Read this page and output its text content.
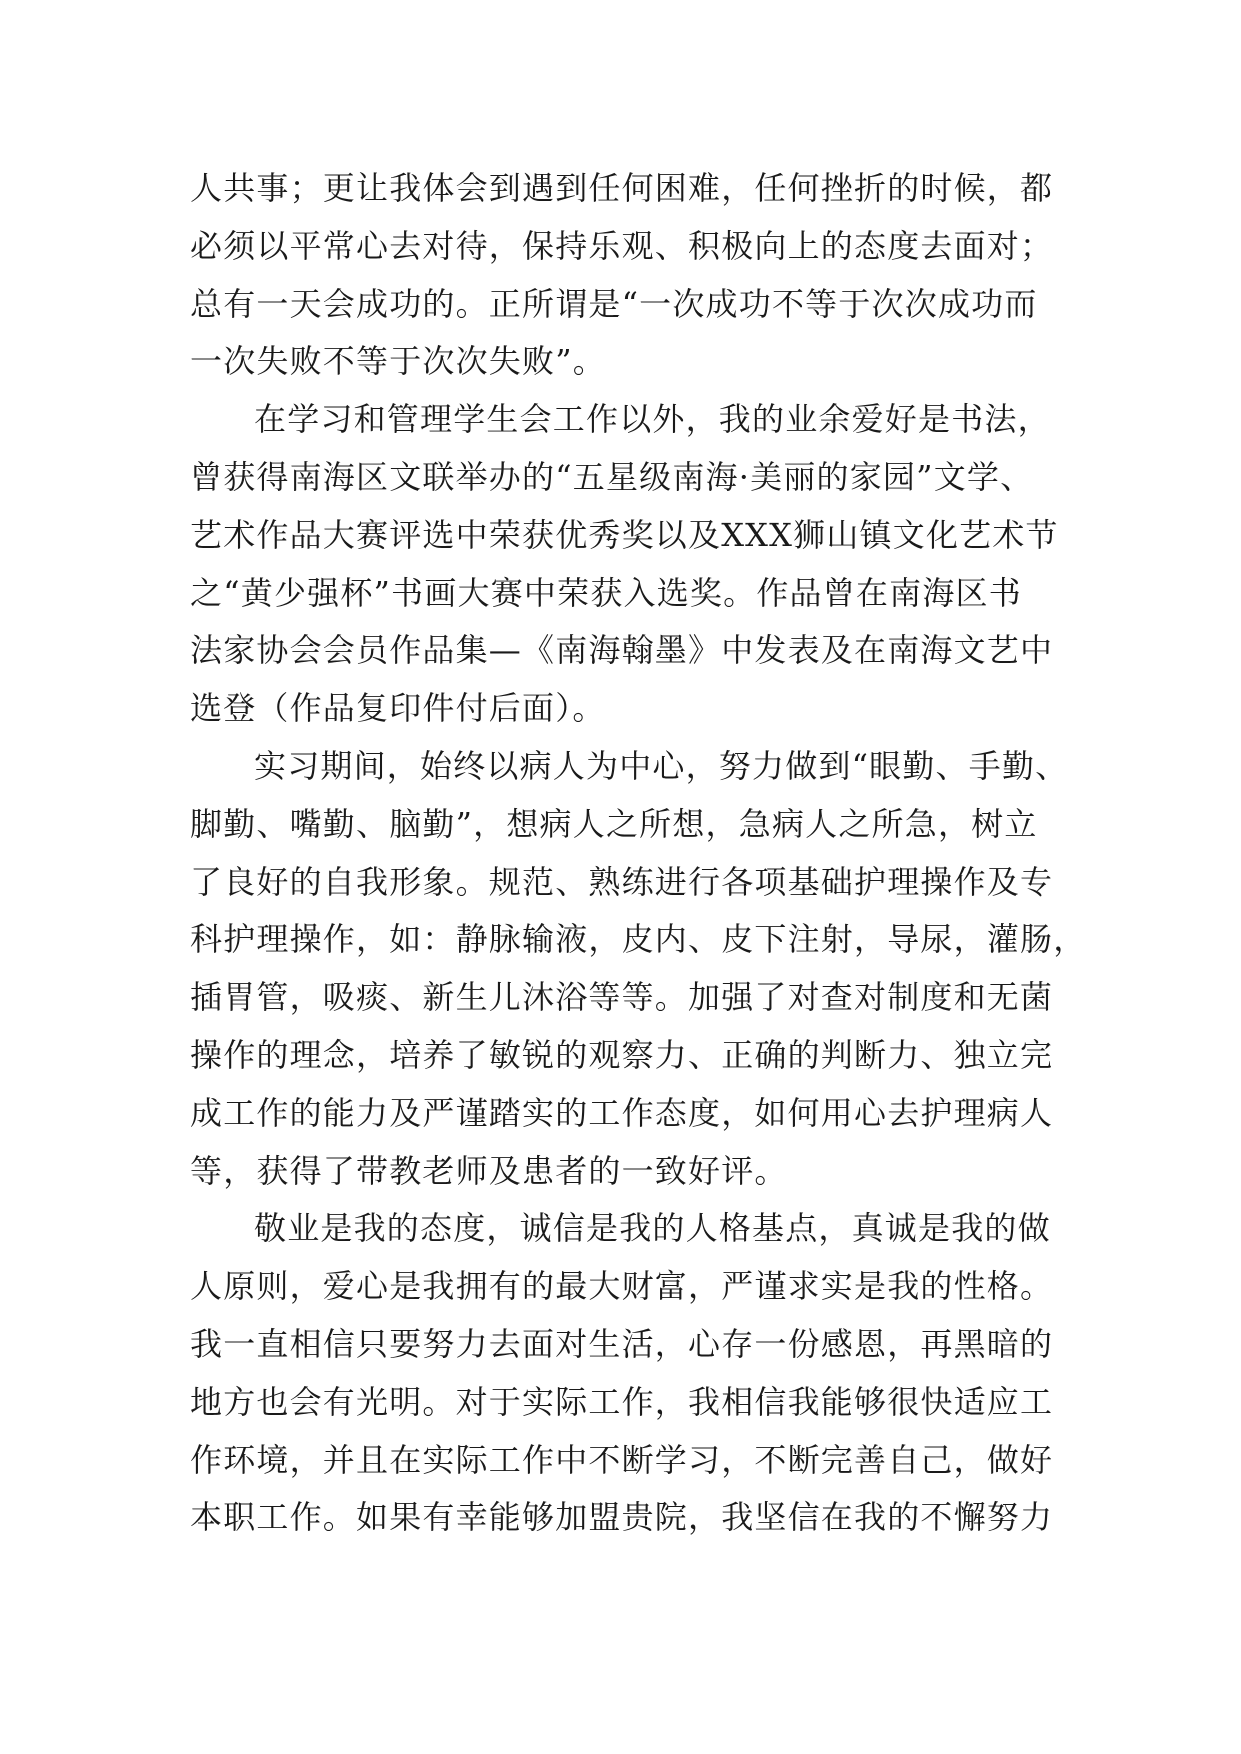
人共事；更让我体会到遇到任何困难，任何挫折的时候，都
必须以平常心去对待，保持乐观、积极向上的态度去面对；
总有一天会成功的。正所谓是“一次成功不等于次次成功而
一次失败不等于次次失败”。
在学习和管理学生会工作以外，我的业余爱好是书法，
曾获得南海区文联举办的“五星级南海·美丽的家园”文学、
艺术作品大赛评选中荣获优秀奖以及XXX狮山镇文化艺术节
之“黄少强杯”书画大赛中荣获入选奖。作品曾在南海区书
法家协会会员作品集—《南海翰墨》中发表及在南海文艺中
选登（作品复印件付后面）。
实习期间，始终以病人为中心，努力做到“眼勤、手勤、
脚勤、嘴勤、脑勤”，想病人之所想，急病人之所急，树立
了良好的自我形象。规范、熟练进行各项基础护理操作及专
科护理操作，如：静脉输液，皮内、皮下注射，导尿，灌肠，
插胃管，吸痰、新生儿沐浴等等。加强了对查对制度和无菌
操作的理念，培养了敏锐的观察力、正确的判断力、独立完
成工作的能力及严谨踏实的工作态度，如何用心去护理病人
等，获得了带教老师及患者的一致好评。
敬业是我的态度，诚信是我的人格基点，真诚是我的做
人原则，爱心是我拥有的最大财富，严谨求实是我的性格。
我一直相信只要努力去面对生活，心存一份感恩，再黑暗的
地方也会有光明。对于实际工作，我相信我能够很快适应工
作环境，并且在实际工作中不断学习，不断完善自己，做好
本职工作。如果有幸能够加盟贵院，我坚信在我的不懈努力
